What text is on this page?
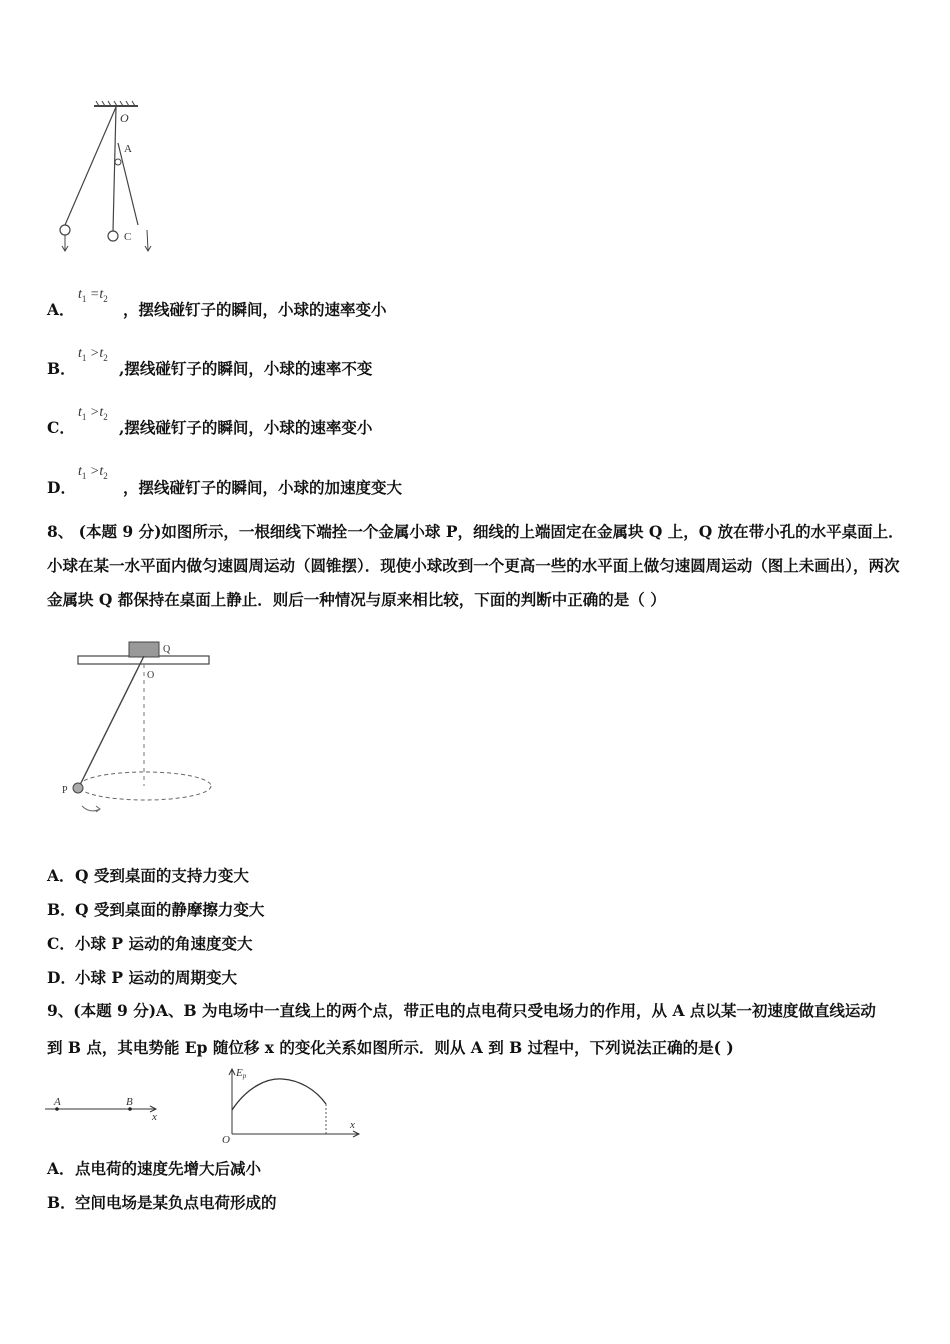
O
A
C
$t_1 =t_2$
A．	，摆线碰钉子的瞬间，小球的速率变小
$t_1 >t_2$
B．	,摆线碰钉子的瞬间，小球的速率不变
$t_1 >t_2$
C．	,摆线碰钉子的瞬间，小球的速率变小
$t_1 >t_2$
D．	，摆线碰钉子的瞬间，小球的加速度变大
8、 (本题 9 分)如图所示，一根细线下端拴一个金属小球 P，细线的上端固定在金属块 Q 上，Q 放在带小孔的水平桌面上．小球在某一水平面内做匀速圆周运动（圆锥摆）．现使小球改到一个更高一些的水平面上做匀速圆周运动（图上未画出），两次金属块 Q 都保持在桌面上静止．则后一种情况与原来相比较，下面的判断中正确的是（ ）
Q
O
P
A．Q 受到桌面的支持力变大
B．Q 受到桌面的静摩擦力变大
C．小球 P 运动的角速度变大
D．小球 P 运动的周期变大
9、(本题 9 分)A、B 为电场中一直线上的两个点，带正电的点电荷只受电场力的作用，从 A 点以某一初速度做直线运动
到 B 点，其电势能 Ep 随位移 x 的变化关系如图所示．则从 A 到 B 过程中，下列说法正确的是( )
A	B
x
Ep
O
x
A．点电荷的速度先增大后减小
B．空间电场是某负点电荷形成的
